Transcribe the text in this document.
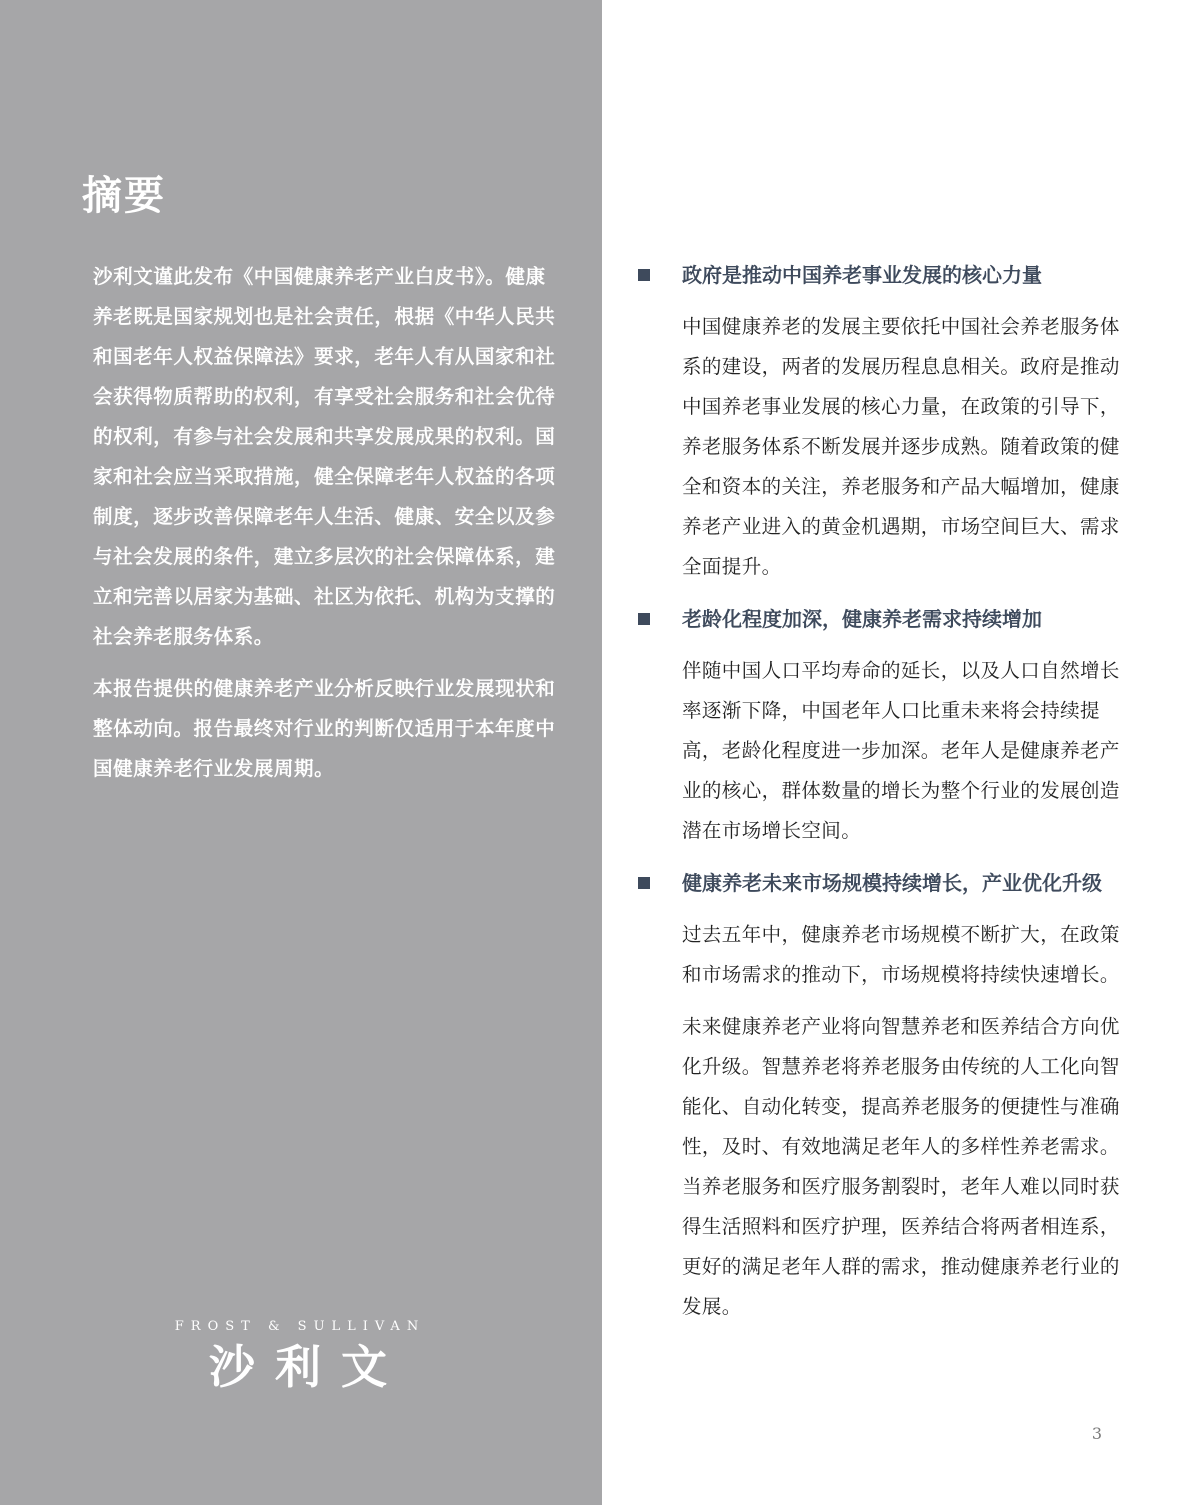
摘要

沙利文谨此发布《中国健康养老产业白皮书》。健康养老既是国家规划也是社会责任，根据《中华人民共和国老年人权益保障法》要求，老年人有从国家和社会获得物质帮助的权利，有享受社会服务和社会优待的权利，有参与社会发展和共享发展成果的权利。国家和社会应当采取措施，健全保障老年人权益的各项制度，逐步改善保障老年人生活、健康、安全以及参与社会发展的条件，建立多层次的社会保障体系，建立和完善以居家为基础、社区为依托、机构为支撑的社会养老服务体系。

本报告提供的健康养老产业分析反映行业发展现状和整体动向。报告最终对行业的判断仅适用于本年度中国健康养老行业发展周期。

FROST & SULLIVAN
沙利文
政府是推动中国养老事业发展的核心力量

中国健康养老的发展主要依托中国社会养老服务体系的建设，两者的发展历程息息相关。政府是推动中国养老事业发展的核心力量，在政策的引导下，养老服务体系不断发展并逐步成熟。随着政策的健全和资本的关注，养老服务和产品大幅增加，健康养老产业进入的黄金机遇期，市场空间巨大、需求全面提升。

老龄化程度加深，健康养老需求持续增加

伴随中国人口平均寿命的延长，以及人口自然增长率逐渐下降，中国老年人口比重未来将会持续提高，老龄化程度进一步加深。老年人是健康养老产业的核心，群体数量的增长为整个行业的发展创造潜在市场增长空间。

健康养老未来市场规模持续增长，产业优化升级

过去五年中，健康养老市场规模不断扩大，在政策和市场需求的推动下，市场规模将持续快速增长。

未来健康养老产业将向智慧养老和医养结合方向优化升级。智慧养老将养老服务由传统的人工化向智能化、自动化转变，提高养老服务的便捷性与准确性，及时、有效地满足老年人的多样性养老需求。当养老服务和医疗服务割裂时，老年人难以同时获得生活照料和医疗护理，医养结合将两者相连系，更好的满足老年人群的需求，推动健康养老行业的发展。

3
